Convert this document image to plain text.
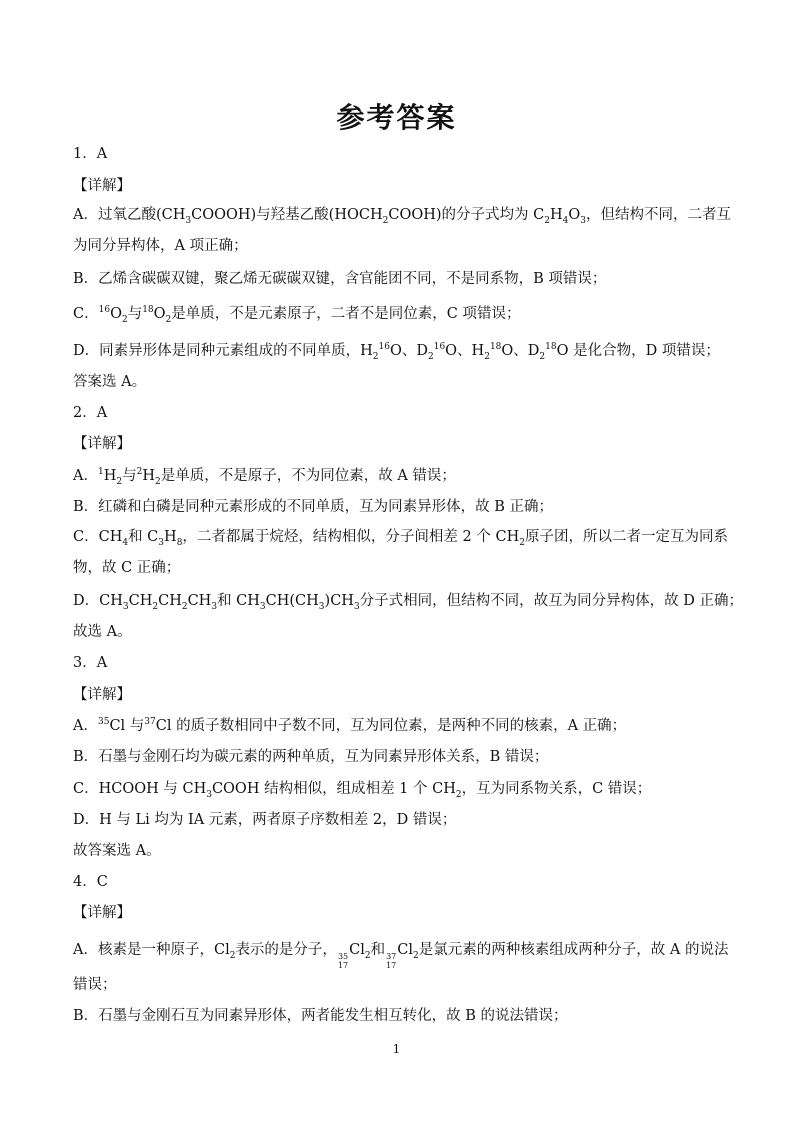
参考答案
1．A
【详解】
A．过氧乙酸$(CH_3COOOH)$与羟基乙酸$(HOCH_2COOH)$的分子式均为 $C_2H_4O_3$，但结构不同，二者互为同分异构体，A 项正确；
B．乙烯含碳碳双键，聚乙烯无碳碳双键，含官能团不同，不是同系物，B 项错误；
C．$^{16}O_2$与$^{18}O_2$是单质，不是元素原子，二者不是同位素，C 项错误；
D．同素异形体是同种元素组成的不同单质，$H_2^{16}O$、$D_2^{16}O$、$H_2^{18}O$、$D_2^{18}O$ 是化合物，D 项错误；
答案选 A。
2．A
【详解】
A．$^1H_2$与$^2H_2$是单质，不是原子，不为同位素，故 A 错误；
B．红磷和白磷是同种元素形成的不同单质，互为同素异形体，故 B 正确；
C．$CH_4$和 $C_3H_8$，二者都属于烷烃，结构相似，分子间相差 2 个 $CH_2$原子团，所以二者一定互为同系物，故 C 正确；
D．$CH_3CH_2CH_2CH_3$和 $CH_3CH(CH_3)CH_3$分子式相同，但结构不同，故互为同分异构体，故 D 正确；
故选 A。
3．A
【详解】
A．$^{35}$Cl 与$^{37}$Cl 的质子数相同中子数不同，互为同位素，是两种不同的核素，A 正确；
B．石墨与金刚石均为碳元素的两种单质，互为同素异形体关系，B 错误；
C．HCOOH 与 $CH_3COOH$ 结构相似，组成相差 1 个 $CH_2$，互为同系物关系，C 错误；
D．H 与 Li 均为 IA 元素，两者原子序数相差 2，D 错误；
故答案选 A。
4．C
【详解】
A．核素是一种原子，$Cl_2$表示的是分子， 35
17
$Cl_2$和 37
17
$Cl_2$是氯元素的两种核素组成两种分子，故 A 的说法错误；
B．石墨与金刚石互为同素异形体，两者能发生相互转化，故 B 的说法错误；
1
